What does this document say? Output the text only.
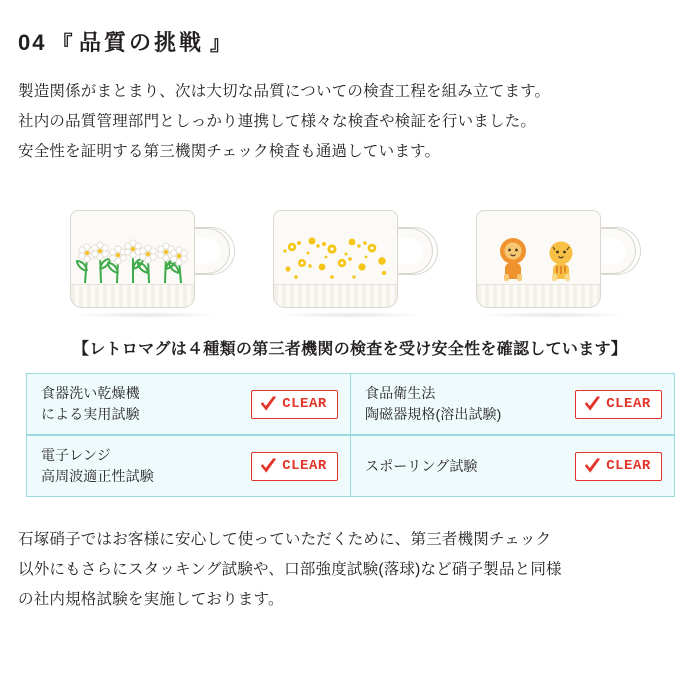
04 『 品質の挑戦 』
製造関係がまとまり、次は大切な品質についての検査工程を組み立てます。
社内の品質管理部門としっかり連携して様々な検査や検証を行いました。
安全性を証明する第三機関チェック検査も通過しています。
【レトロマグは４種類の第三者機関の検査を受け安全性を確認しています】
食器洗い乾燥機
による実用試験
CLEAR
食品衛生法
陶磁器規格(溶出試験)
CLEAR
電子レンジ
高周波適正性試験
CLEAR	スポーリング試験	CLEAR
石塚硝子ではお客様に安心して使っていただくために、第三者機関チェック
以外にもさらにスタッキング試験や、口部強度試験(落球)など硝子製品と同様
の社内規格試験を実施しております。
